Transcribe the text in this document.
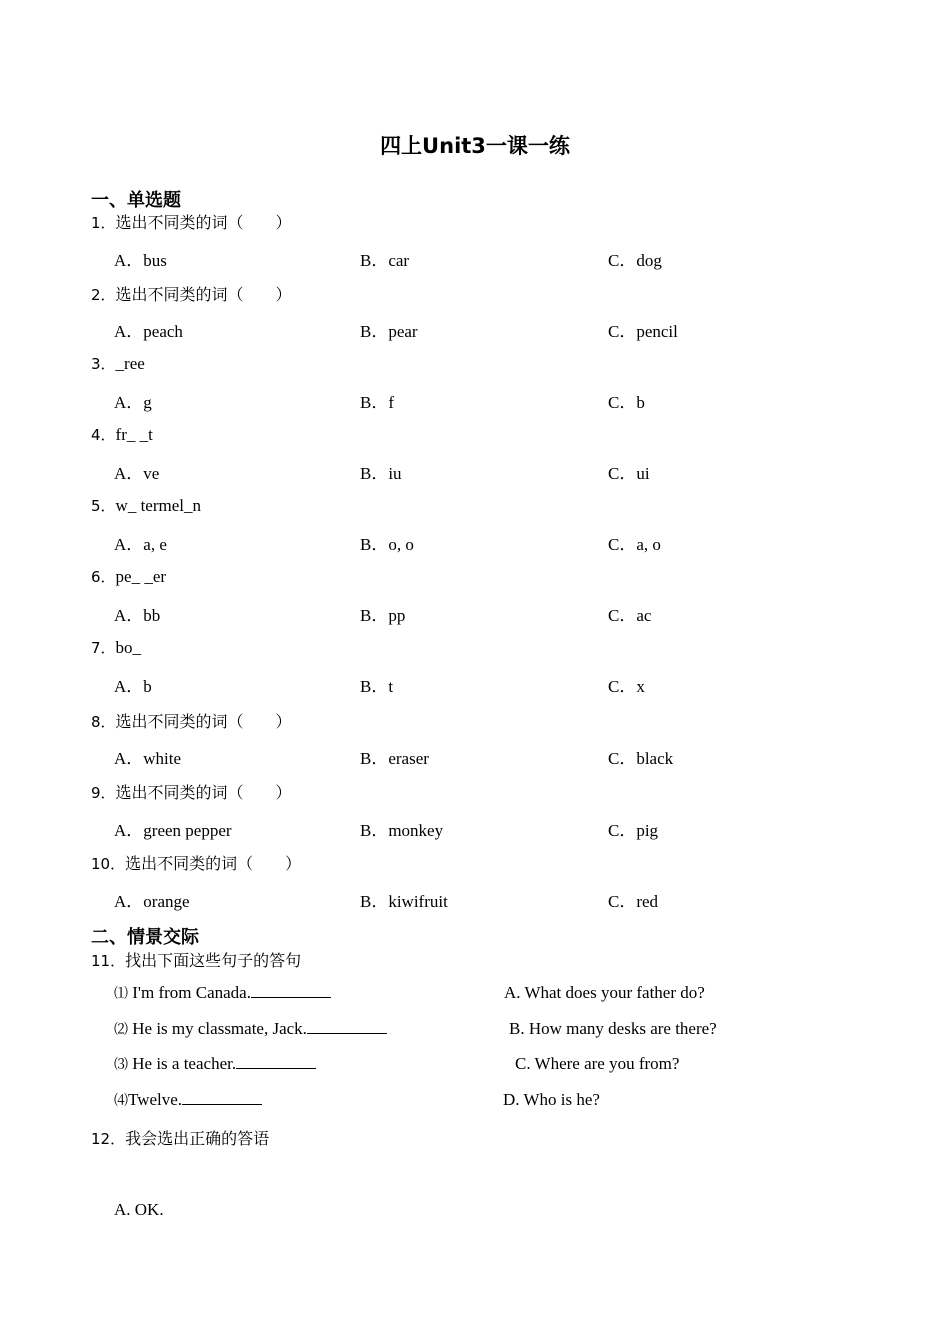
四上Unit3一课一练
一、单选题
1．选出不同类的词（　　）
A．bus	B．car	C．dog
2．选出不同类的词（　　）
A．peach	B．pear	C．pencil
3．_ree
A．g	B．f	C．b
4．fr_ _t
A．ve	B．iu	C．ui
5．w_ termel_n
A．a, e	B．o, o	C．a, o
6．pe_ _er
A．bb	B．pp	C．ac
7．bo_
A．b	B．t	C．x
8．选出不同类的词（　　）
A．white	B．eraser	C．black
9．选出不同类的词（　　）
A．green pepper	B．monkey	C．pig
10．选出不同类的词（　　）
A．orange	B．kiwifruit	C．red
二、情景交际
11．找出下面这些句子的答句
⑴ I'm from Canada.	A. What does your father do?
⑵ He is my classmate, Jack.	B. How many desks are there?
⑶ He is a teacher.	C. Where are you from?
⑷Twelve.	D. Who is he?
12．我会选出正确的答语
A. OK.
